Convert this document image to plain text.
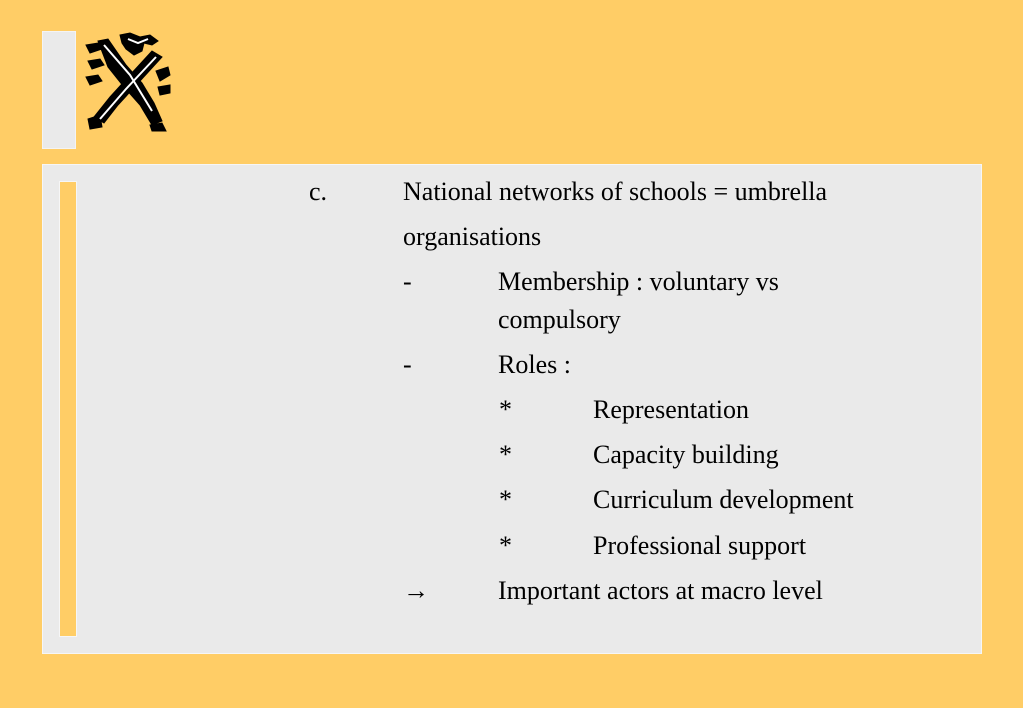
c.	National networks of schools = umbrella
organisations
-	Membership : voluntary vs
compulsory
-	Roles :
*	Representation
*	Capacity building
*	Curriculum development
*	Professional support
→	Important actors at macro level
